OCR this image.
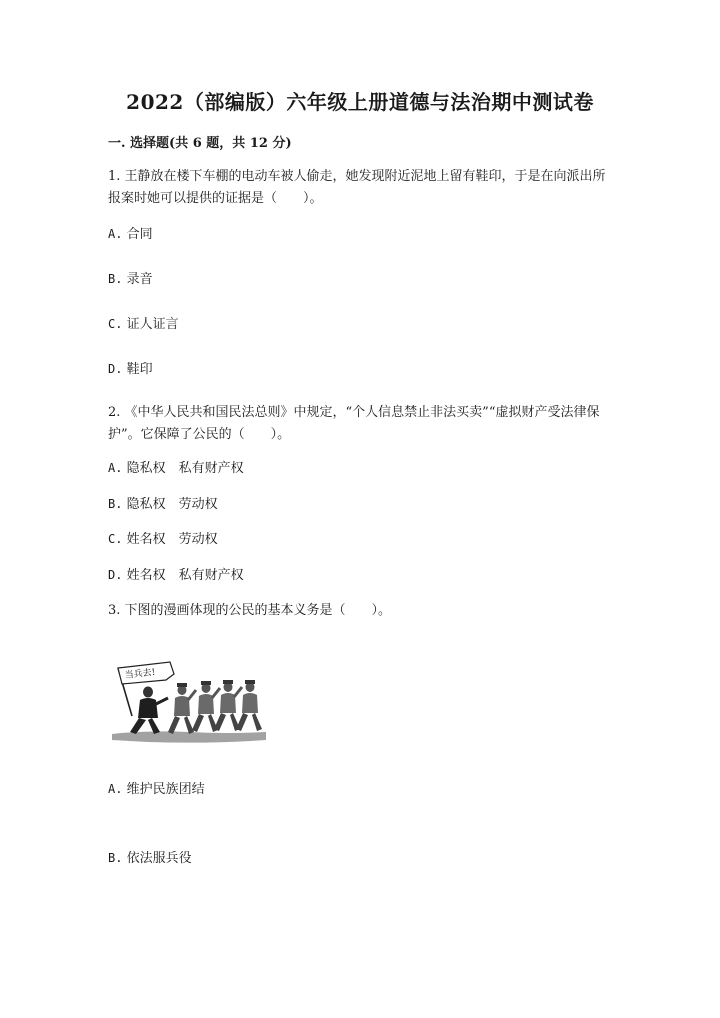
2022（部编版）六年级上册道德与法治期中测试卷
一. 选择题(共 6 题，共 12 分)
1. 王静放在楼下车棚的电动车被人偷走，她发现附近泥地上留有鞋印，于是在向派出所报案时她可以提供的证据是（　　）。
A. 合同
B. 录音
C. 证人证言
D. 鞋印
2. 《中华人民共和国民法总则》中规定，“个人信息禁止非法买卖”“虚拟财产受法律保护”。它保障了公民的（　　）。
A. 隐私权　私有财产权
B. 隐私权　劳动权
C. 姓名权　劳动权
D. 姓名权　私有财产权
3. 下图的漫画体现的公民的基本义务是（　　）。
当兵去!
A. 维护民族团结
B. 依法服兵役
